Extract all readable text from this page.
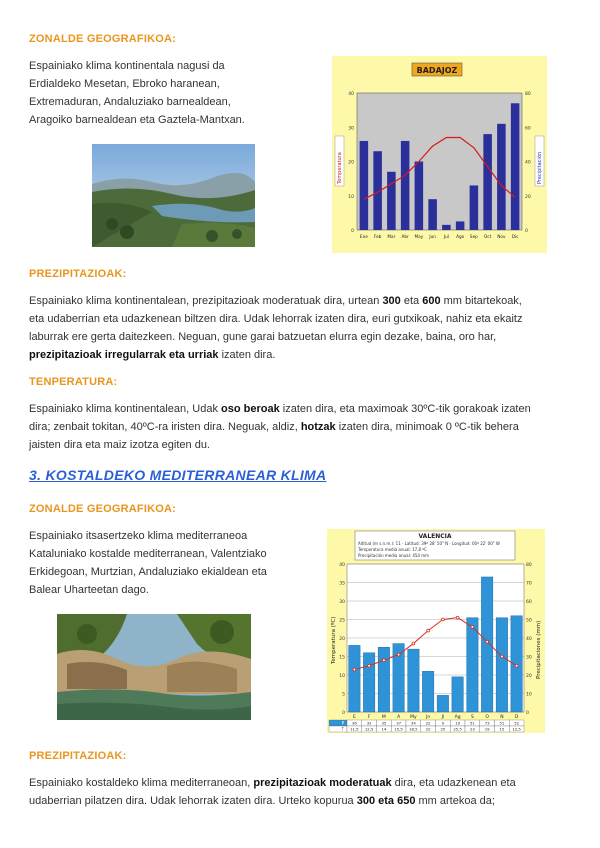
ZONALDE GEOGRAFIKOA:
Espainiako klima kontinentala nagusi da
Erdialdeko Mesetan, Ebroko haranean,
Extremaduran, Andaluziako barnealdean,
Aragoiko barnealdean eta Gaztela-Mantxan.
BADAJOZ
Temperatura	Precipitación
40
30
20
10
0
80
60
40
20
0
Ene Feb Mar Abr May Jun Jul Ago Sep Oct Nov Dic
PREZIPITAZIOAK:
Espainiako klima kontinentalean, prezipitazioak moderatuak dira, urtean 300 eta 600 mm bitartekoak,
eta udaberrian eta udazkenean biltzen dira. Udak lehorrak izaten dira, euri gutxikoak, nahiz eta ekaitz
laburrak ere gerta daitezkeen. Neguan, gune garai batzuetan elurra egin dezake, baina, oro har,
prezipitazioak irregularrak eta urriak izaten dira.
TENPERATURA:
Espainiako klima kontinentalean, Udak oso beroak izaten dira, eta maximoak 30ºC-tik gorakoak izaten
dira; zenbait tokitan, 40ºC-ra iristen dira. Neguak, aldiz, hotzak izaten dira, minimoak 0 ºC-tik behera
jaisten dira eta maiz izotza egiten du.
3. KOSTALDEKO MEDITERRANEAR KLIMA
ZONALDE GEOGRAFIKOA:
Espainiako itsasertzeko klima mediterraneoa
Kataluniako kostalde mediterranean, Valentziako
Erkidegoan, Murtzian, Andaluziako ekialdean eta
Balear Uharteetan dago.
VALENCIA
Altitud (m s.n.m.): 11 · Latitud: 39º 28' 50" N · Longitud: 00º 22' 00" W
Temperatura media anual: 17,8 ºC
Precipitación media anual: 454 mm
Temperatura (ºC)	Precipitaciones (mm)
40
35
30
25
20
15
10
5
0
80
70
60
50
40
30
20
10
0
E	F	M	A My Jn	Jl Ag S	O	N	D
P 36	32	35	37	34	22	9	19	51	73	51	52
T 11,5 12,5 14 15,5 18,5 22	25 25,5 23	19	15 12,5
PREZIPITAZIOAK:
Espainiako kostaldeko klima mediterraneoan, prezipitazioak moderatuak dira, eta udazkenean eta
udaberrian pilatzen dira. Udak lehorrak izaten dira. Urteko kopurua 300 eta 650 mm artekoa da;
